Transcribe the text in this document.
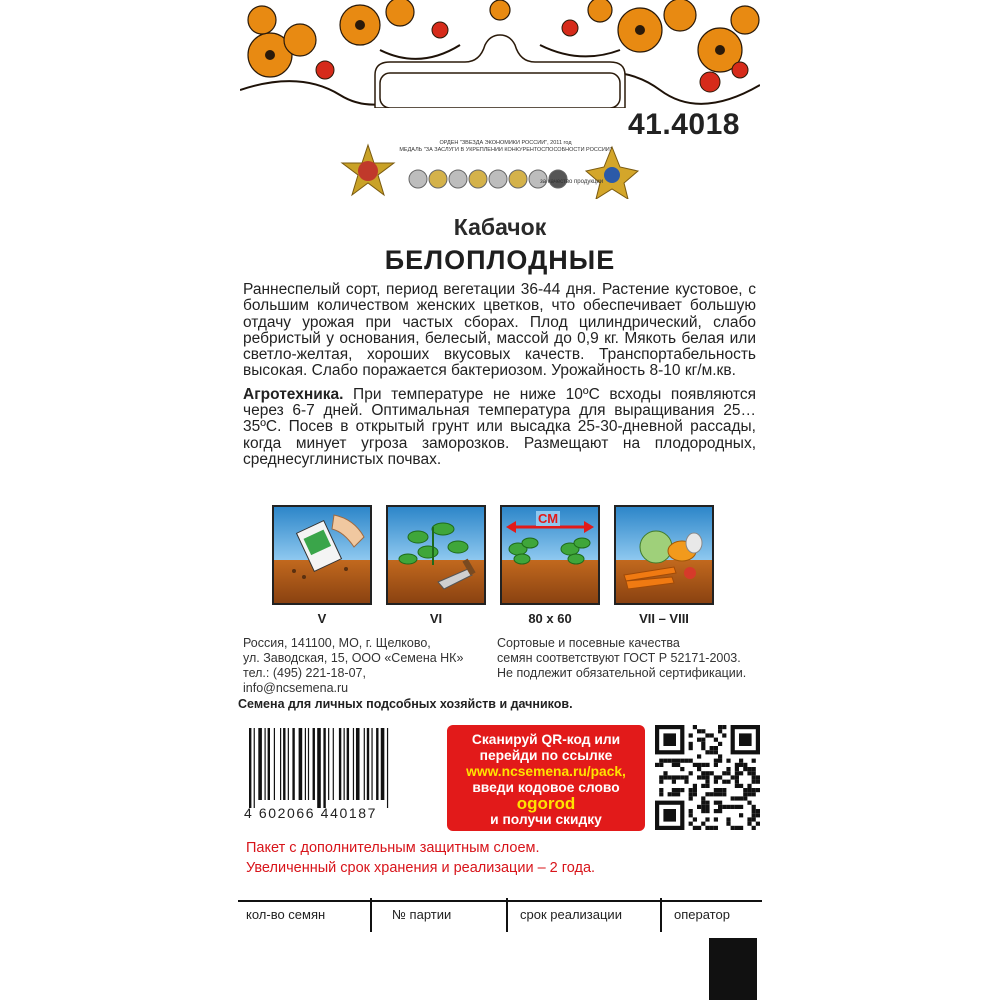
41.4018
ОРДЕН "ЗВЕЗДА ЭКОНОМИКИ РОССИИ", 2011 год
МЕДАЛЬ "ЗА ЗАСЛУГИ В УКРЕПЛЕНИИ КОНКУРЕНТОСПОСОБНОСТИ РОССИИ"
за качество продукции
Кабачок
БЕЛОПЛОДНЫЕ

Раннеспелый сорт, период вегетации 36-44 дня. Растение кустовое, с большим количеством женских цветков, что обеспечивает большую отдачу урожая при частых сборах. Плод цилиндрический, слабо ребристый у основания, белесый, массой до 0,9 кг. Мякоть белая или светло-желтая, хороших вкусовых качеств. Транспортабельность высокая. Слабо поражается бактериозом. Урожайность 8-10 кг/м.кв.

Агротехника. При температуре не ниже 10ºС всходы появляются через 6-7 дней. Оптимальная температура для выращивания 25…35ºС. Посев в открытый грунт или высадка 25-30-дневной рассады, когда минует угроза заморозков. Размещают на плодородных, среднесуглинистых почвах.

СМ
V	VI	80 х 60	VII – VIII
Россия, 141100, МО, г. Щелково,
ул. Заводская, 15, ООО «Семена НК»
тел.: (495) 221-18-07,
info@ncsemena.ru
Сортовые и посевные качества
семян соответствуют ГОСТ Р 52171-2003.
Не подлежит обязательной сертификации.
Семена для личных подсобных хозяйств и дачников.
4 602066 440187
Сканируй QR-код или
перейди по ссылке
www.ncsemena.ru/pack,
введи кодовое слово
ogorod
и получи скидку
Пакет с дополнительным защитным слоем.
Увеличенный срок хранения и реализации – 2 года.
кол-во семян	№ партии	срок реализации	оператор
